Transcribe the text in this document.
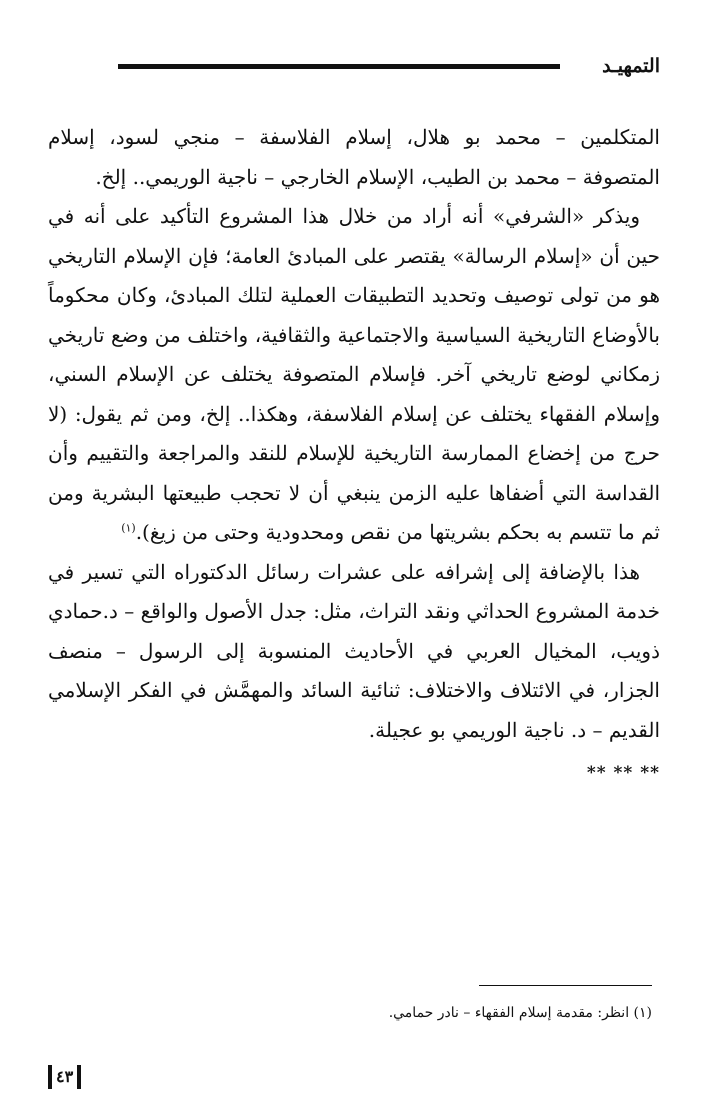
التمهيـد

المتكلمين – محمد بو هلال، إسلام الفلاسفة – منجي لسود، إسلام المتصوفة – محمد بن الطيب، الإسلام الخارجي – ناجية الوريمي.. إلخ.

ويذكر «الشرفي» أنه أراد من خلال هذا المشروع التأكيد على أنه في حين أن «إسلام الرسالة» يقتصر على المبادئ العامة؛ فإن الإسلام التاريخي هو من تولى توصيف وتحديد التطبيقات العملية لتلك المبادئ، وكان محكوماً بالأوضاع التاريخية السياسية والاجتماعية والثقافية، واختلف من وضع تاريخي زمكاني لوضع تاريخي آخر. فإسلام المتصوفة يختلف عن الإسلام السني، وإسلام الفقهاء يختلف عن إسلام الفلاسفة، وهكذا.. إلخ، ومن ثم يقول: (لا حرج من إخضاع الممارسة التاريخية للإسلام للنقد والمراجعة والتقييم وأن القداسة التي أضفاها عليه الزمن ينبغي أن لا تحجب طبيعتها البشرية ومن ثم ما تتسم به بحكم بشريتها من نقص ومحدودية وحتى من زيغ).$^{(١)}$

هذا بالإضافة إلى إشرافه على عشرات رسائل الدكتوراه التي تسير في خدمة المشروع الحداثي ونقد التراث، مثل: جدل الأصول والواقع – د.حمادي ذويب، المخيال العربي في الأحاديث المنسوبة إلى الرسول – منصف الجزار، في الائتلاف والاختلاف: ثنائية السائد والمهمَّش في الفكر الإسلامي القديم – د. ناجية الوريمي بو عجيلة.

** ** **
(١) انظر: مقدمة إسلام الفقهاء – نادر حمامي.
٤٣
